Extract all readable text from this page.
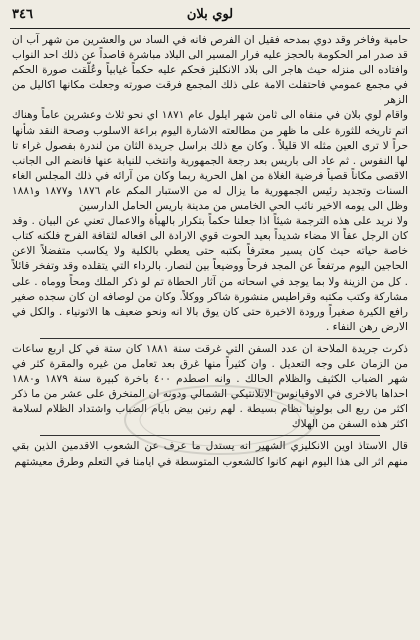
٣٤٦	لوي بلان

حامية وفاخر وقد دوي بمدحه فقيل ان الفرص فانه في الساد س والعشرين من شهر آب ان قد صدر امر الحكومة بالحجز عليه فرار المسير الى البلاد مباشرة قاصداً عن ذلك احد النواب وافتاده الى منزله حيث هاجر الى بلاد الانكليز فحكم عليه حكماً غيابياً وعُلّقت صورة الحكم في مجمع عمومي فاحتفلت الامة على ذلك المجمع فرقت صورته وجعلت مكانها اكاليل من الزهر

واقام لوي بلان في منفاه الى ثامن شهر ايلول عام ١٨٧١ اي نحو ثلاث وعشرين عاماً وهناك اتم تاريخه للثورة على ما ظهر من مطالعته الاشارة اليوم براعة الاسلوب وصحة النقد شأنها حراً لا ترى العين مثله الا قليلاً . وكان مع ذلك براسل جريدة الثان من لندرة بفصول غراء تا لها النفوس . ثم عاد الى باريس بعد رجعة الجمهورية وانتخب للنيابة عنها فانضم الى الجانب الاقصى مكاناً قصياً فرضية الغلاة من اهل الحرية ربما وكان من آرائه في ذلك المجلس الغاء السنات وتجديد رئيس الجمهورية ما يزال له من الاستبار المكم عام ١٨٧٦ و١٨٧٧ و١٨٨١ وظل الى يومه الاخير نائب الحي الخامس من مدينة باريس الحامل الدارسين

ولا نريد على هذه الترجمة شيئاً اذا جعلنا حكماً بتكرار بالهيأة والاعمال تعني عن البيان . وقد كان الرجل عفاً الا مضاء شديداً بعيد الحوت قوي الارادة الى افعاله لثقافة الفرح فلكنه كتاب خاصة حياته حيث كان يسير معترفاً بكتبه حتى يعطي بالكلية ولا يكاسب متفضلاً الاعن الحاجين اليوم مرتفعاً عن المجد فرحاً ووضيعاً بين لنصار. بالرداء التي يتقلده وقد وتفخر قائلاً . كل من الزينة ولا بما يوجد في اسحاته من آثار الحطاة تم لو ذكر الملك ومحاً ووماه . على مشاركة وكتب مكتبه وقراطيس منشورة شاكر ووكلاً. وكان من لوصافه ان كان سجده صغير رافع الكيرة صغيراً ورودة الاخيرة حتى كان يوق بالا انه ونحو ضعيف ها الاتونياء . والكل في الارض رهن النفاء .

ذكرت جريدة الملاحة ان عدد السفن التي غرقت سنة ١٨٨١ كان ستة في كل اربع ساعات من الزمان على وجه التعديل . وان كثيراً منها غرق بعد تعامل من غيره والمقرة كثر في شهر الضباب الكثيف والظلام الحالك . وانه اصطدم ٤٠٠ باخرة كبيرة سنة ١٨٧٩ و١٨٨٠ احداها بالاخرى في الاوقيانوس الاتلانتيكي الشمالي ودونه ان المنخرق على عشر من ما ذكر اكثر من ربع الى بولونيا نظام بسيطة . لهم رنين بيض بايام الضباب واشتداد الظلام لسلامة اكثر هذه السفن من الهلاك

قال الاستاذ اوين الانكليزي الشهير انه يستدل ما عرف عن الشعوب الاقدمين الذين بقي منهم اثر الى هذا اليوم انهم كانوا كالشعوب المتوسطة في ايامنا في التعلم وطرق معيشتهم
